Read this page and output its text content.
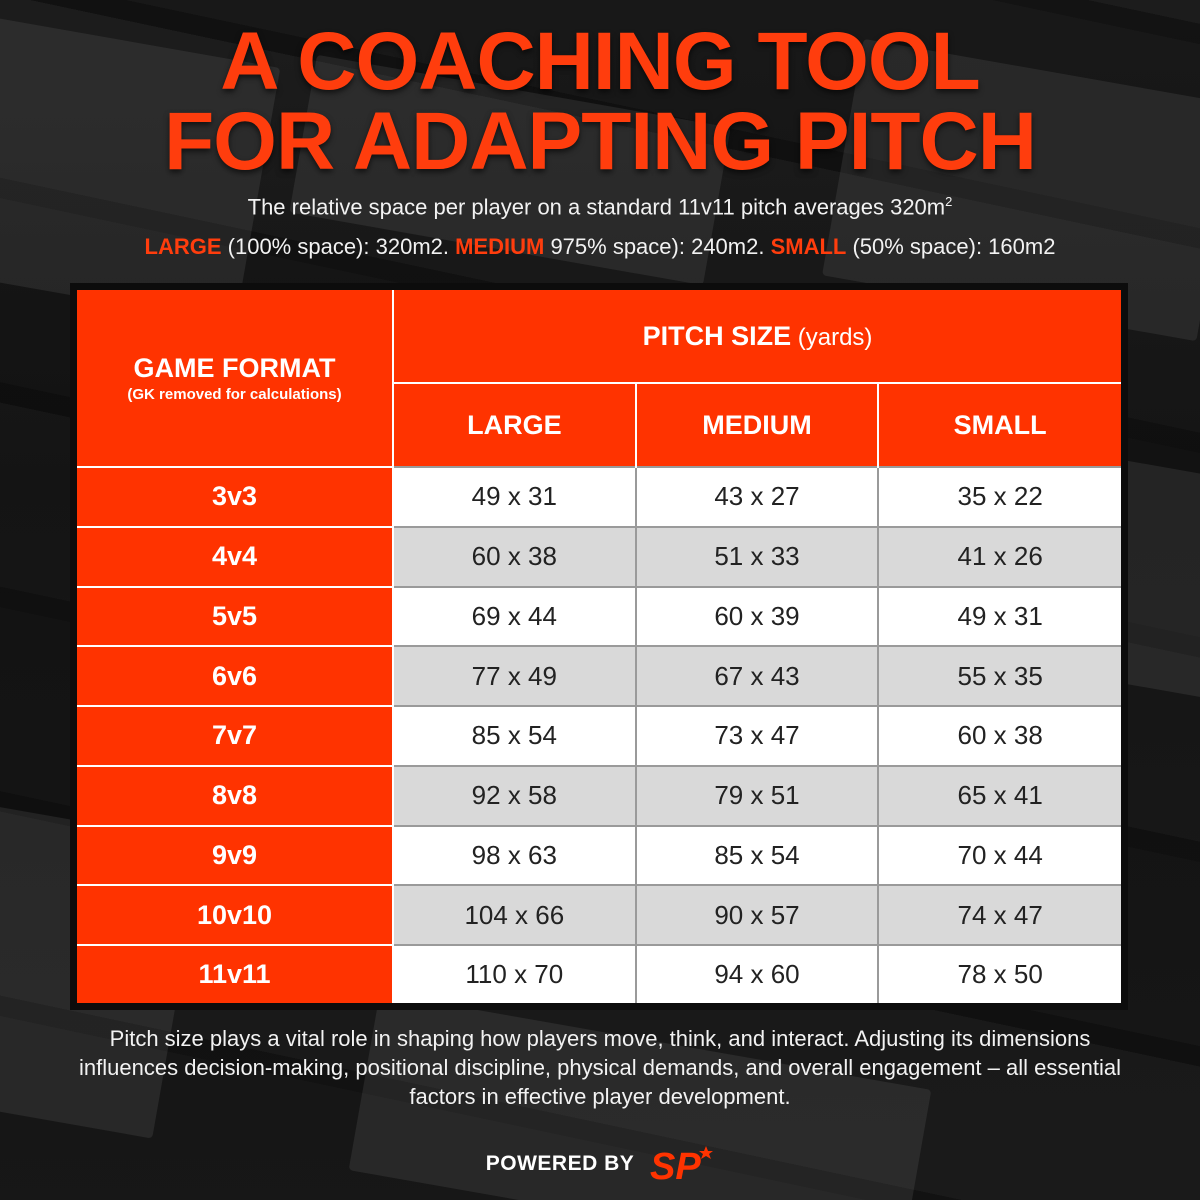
A COACHING TOOL
FOR ADAPTING PITCH
The relative space per player on a standard 11v11 pitch averages $320m^2$
LARGE (100% space): 320m2. MEDIUM 975% space): 240m2. SMALL (50% space): 160m2
GAME FORMAT
(GK removed for calculations)	PITCH SIZE (yards)		
	LARGE	MEDIUM	SMALL
3v3	49 x 31	43 x 27	35 x 22
4v4	60 x 38	51 x 33	41 x 26
5v5	69 x 44	60 x 39	49 x 31
6v6	77 x 49	67 x 43	55 x 35
7v7	85 x 54	73 x 47	60 x 38
8v8	92 x 58	79 x 51	65 x 41
9v9	98 x 63	85 x 54	70 x 44
10v10	104 x 66	90 x 57	74 x 47
11v11	110 x 70	94 x 60	78 x 50
Pitch size plays a vital role in shaping how players move, think, and interact. Adjusting its dimensions influences decision-making, positional discipline, physical demands, and overall engagement – all essential factors in effective player development.
POWERED BY SP
